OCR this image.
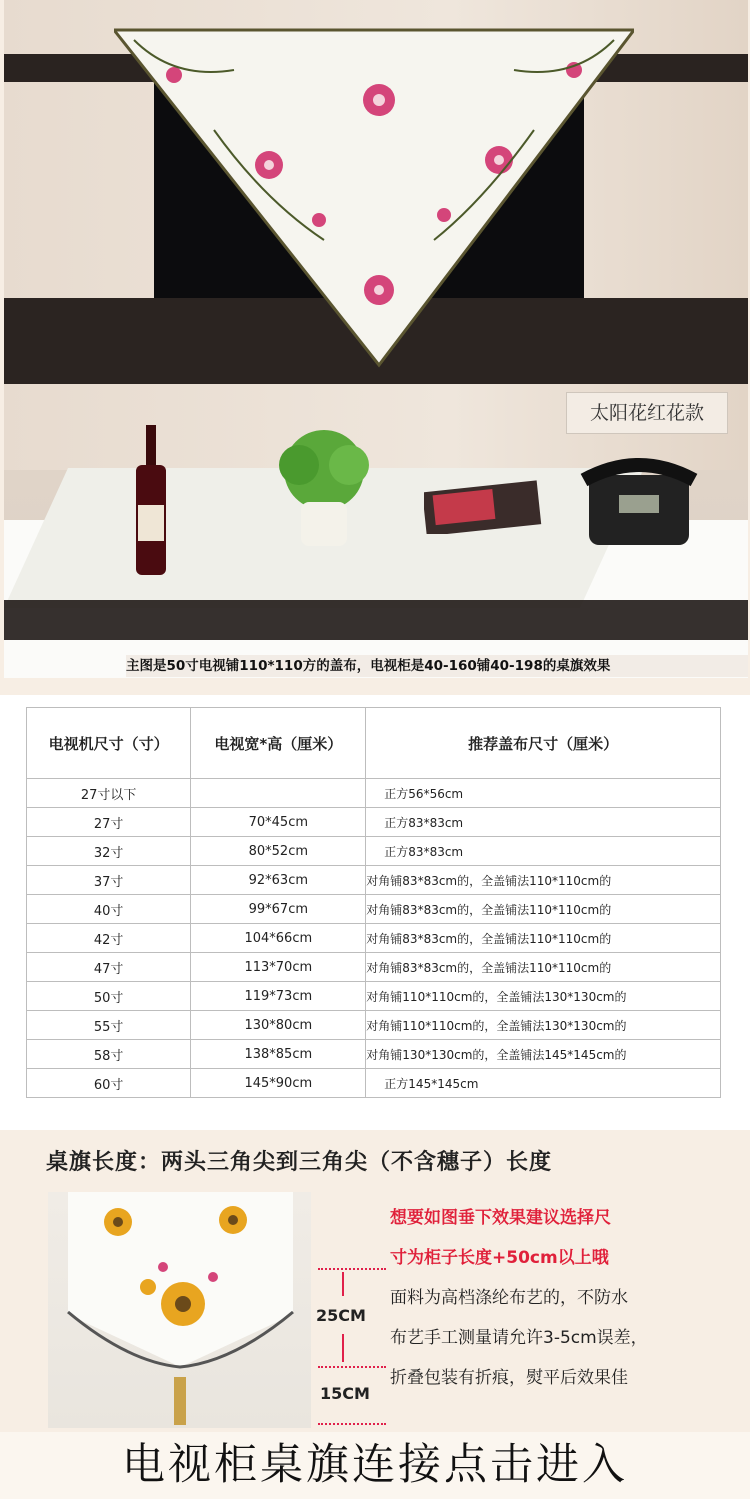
太阳花红花款
主图是50寸电视铺110*110方的盖布，电视柜是40-160铺40-198的桌旗效果
电视机尺寸（寸）	电视宽*高（厘米）	推荐盖布尺寸（厘米）
27寸以下		正方56*56cm
27寸	70*45cm	正方83*83cm
32寸	80*52cm	正方83*83cm
37寸	92*63cm	对角铺83*83cm的，全盖铺法110*110cm的
40寸	99*67cm	对角铺83*83cm的，全盖铺法110*110cm的
42寸	104*66cm	对角铺83*83cm的，全盖铺法110*110cm的
47寸	113*70cm	对角铺83*83cm的，全盖铺法110*110cm的
50寸	119*73cm	对角铺110*110cm的，全盖铺法130*130cm的
55寸	130*80cm	对角铺110*110cm的，全盖铺法130*130cm的
58寸	138*85cm	对角铺130*130cm的，全盖铺法145*145cm的
60寸	145*90cm	正方145*145cm
桌旗长度：两头三角尖到三角尖（不含穗子）长度
25CM
15CM
想要如图垂下效果建议选择尺
寸为柜子长度+50cm以上哦
面料为高档涤纶布艺的，不防水
布艺手工测量请允许3-5cm误差，
折叠包装有折痕，熨平后效果佳
电视柜桌旗连接点击进入
